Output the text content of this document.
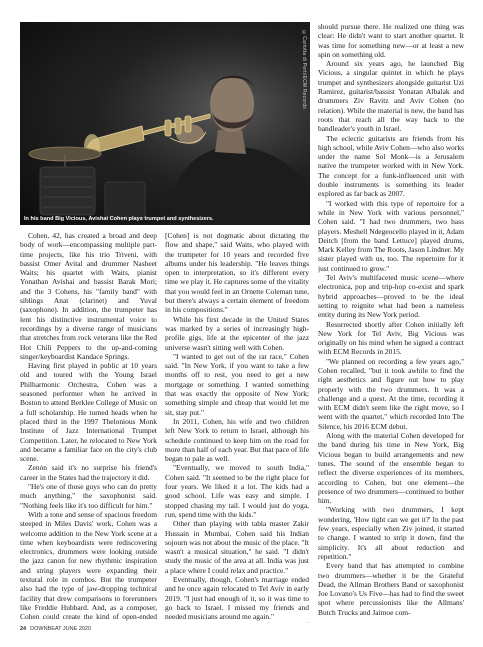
©Carlotta di Perti/ECM Records
In his band Big Vicious, Avishai Cohen plays trumpet and synthesizers.

Cohen, 42, has created a broad and deep body of work—encompassing multiple part-time projects, like his trio Triveni, with bassist Omer Avital and drummer Nasheet Waits; his quartet with Waits, pianist Yonathan Avishai and bassist Barak Mori; and the 3 Cohens, his "family band" with siblings Anat (clarinet) and Yuval (saxophone). In addition, the trumpeter has lent his distinctive instrumental voice to recordings by a diverse range of musicians that stretches from rock veterans like the Red Hot Chili Peppers to the up-and-coming singer/keyboardist Kandace Springs.

Having first played in public at 10 years old and toured with the Young Israel Philharmonic Orchestra, Cohen was a seasoned performer when he arrived in Boston to attend Berklee College of Music on a full scholarship. He turned heads when he placed third in the 1997 Thelonious Monk Institute of Jazz International Trumpet Competition. Later, he relocated to New York and became a familiar face on the city's club scene.

Zenón said it's no surprise his friend's career in the States had the trajectory it did.

"He's one of those guys who can do pretty much anything," the saxophonist said. "Nothing feels like it's too difficult for him."

With a tone and sense of spacious freedom steeped in Miles Davis' work, Cohen was a welcome addition to the New York scene at a time when keyboardists were rediscovering electronics, drummers were looking outside the jazz canon for new rhythmic inspiration and string players were expanding their textural role in combos. But the trumpeter also had the type of jaw-dropping technical facility that drew comparisons to forerunners like Freddie Hubbard. And, as a composer, Cohen could create the kind of open-ended

[Cohen] is not dogmatic about dictating the flow and shape," said Waits, who played with the trumpeter for 10 years and recorded five albums under his leadership. "He leaves things open to interpretation, so it's different every time we play it. He captures some of the vitality that you would feel in an Ornette Coleman tune, but there's always a certain element of freedom in his compositions."

While his first decade in the United States was marked by a series of increasingly high-profile gigs, life at the epicenter of the jazz universe wasn't sitting well with Cohen.

"I wanted to get out of the rat race," Cohen said. "In New York, if you want to take a few months off to rest, you need to get a new mortgage or something. I wanted something that was exactly the opposite of New York; something simple and cheap that would let me sit, stay put."

In 2011, Cohen, his wife and two children left New York to return to Israel, although his schedule continued to keep him on the road for more than half of each year. But that pace of life began to pale as well.

"Eventually, we moved to south India," Cohen said. "It seemed to be the right place for four years. We liked it a lot. The kids had a good school. Life was easy and simple. I stopped chasing my tail. I would just do yoga, run, spend time with the kids."

Other than playing with tabla master Zakir Hussain in Mumbai, Cohen said his Indian sojourn was not about the music of the place. "It wasn't a musical situation," he said. "I didn't study the music of the area at all. India was just a place where I could relax and practice."

Eventually, though, Cohen's marriage ended and he once again relocated to Tel Aviv in early 2019. "I just had enough of it, so it was time to go back to Israel. I missed my friends and needed musicians around me again."

should pursue there. He realized one thing was clear: He didn't want to start another quartet. It was time for something new—or at least a new spin on something old.

Around six years ago, he launched Big Vicious, a singular quintet in which he plays trumpet and synthesizers alongside guitarist Uzi Ramirez, guitarist/bassist Yonatan Albalak and drummers Ziv Ravitz and Aviv Cohen (no relation). While the material is new, the band has roots that reach all the way back to the bandleader's youth in Israel.

The eclectic guitarists are friends from his high school, while Aviv Cohen—who also works under the name Sol Monk—is a Jerusalem native the trumpeter worked with in New York. The concept for a funk-influenced unit with double instruments is something its leader explored as far back as 2007.

"I worked with this type of repertoire for a while in New York with various personnel," Cohen said. "I had two drummers, two bass players. Meshell Ndegeocello played in it, Adam Deitch [from the band Lettuce] played drums, Mark Kelley from The Roots, Jason Lindner. My sister played with us, too. The repertoire for it just continued to grow."

Tel Aviv's multifaceted music scene—where electronica, pop and trip-hop co-exist and spark hybrid approaches—proved to be the ideal setting to reignite what had been a nameless entity during its New York period.

Resurrected shortly after Cohen initially left New York for Tel Aviv, Big Vicious was originally on his mind when he signed a contract with ECM Records in 2015.

"We planned on recording a few years ago," Cohen recalled, "but it took awhile to find the right aesthetics and figure out how to play properly with the two drummers. It was a challenge and a quest. At the time, recording it with ECM didn't seem like the right move, so I went with the quartet," which recorded Into The Silence, his 2016 ECM debut.

Along with the material Cohen developed for the band during his time in New York, Big Vicious began to build arrangements and new tunes. The sound of the ensemble began to reflect the diverse experiences of its members, according to Cohen, but one element—the presence of two drummers—continued to bother him.

"Working with two drummers, I kept wondering, 'How tight can we get it?' In the past few years, especially when Ziv joined, it started to change. I wanted to strip it down, find the simplicity. It's all about reduction and repetition."

Every band that has attempted to combine two drummers—whether it be the Grateful Dead, the Allman Brothers Band or saxophonist Joe Lovano's Us Five—has had to find the sweet spot where percussionists like the Allmans' Butch Trucks and Jaimoe com-

24 DOWNBEAT JUNE 2020
